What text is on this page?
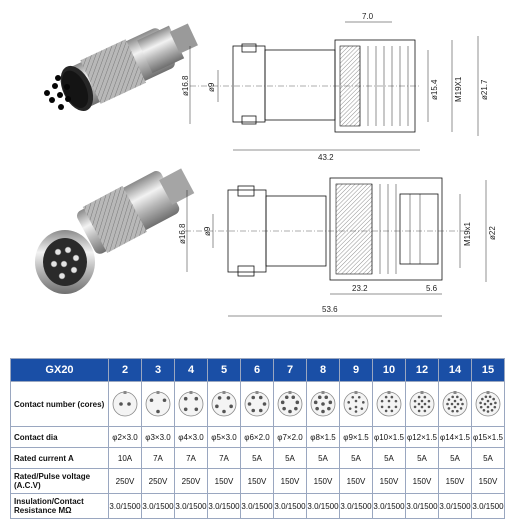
7.0
ø16.8 ø9	ø15.4 M19X1 ø21.7
43.2
ø16.8 ø9	M19x1 ø22
23.2	5.6
53.6
GX20	2	3	4	5	6	7	8	9	10	12	14	15
Contact number (cores)	

Contact dia	φ2×3.0	φ3×3.0	φ4×3.0	φ5×3.0	φ6×2.0	φ7×2.0	φ8×1.5	φ9×1.5	φ10×1.5	φ12×1.5	φ14×1.5	φ15×1.5
Rated current A	10A	7A	7A	7A	5A	5A	5A	5A	5A	5A	5A	5A
Rated/Pulse voltage (A.C.V)	250V	250V	250V	150V	150V	150V	150V	150V	150V	150V	150V	150V
Insulation/Contact Resistance MΩ	3.0/1500	3.0/1500	3.0/1500	3.0/1500	3.0/1500	3.0/1500	3.0/1500	3.0/1500	3.0/1500	3.0/1500	3.0/1500	3.0/1500
